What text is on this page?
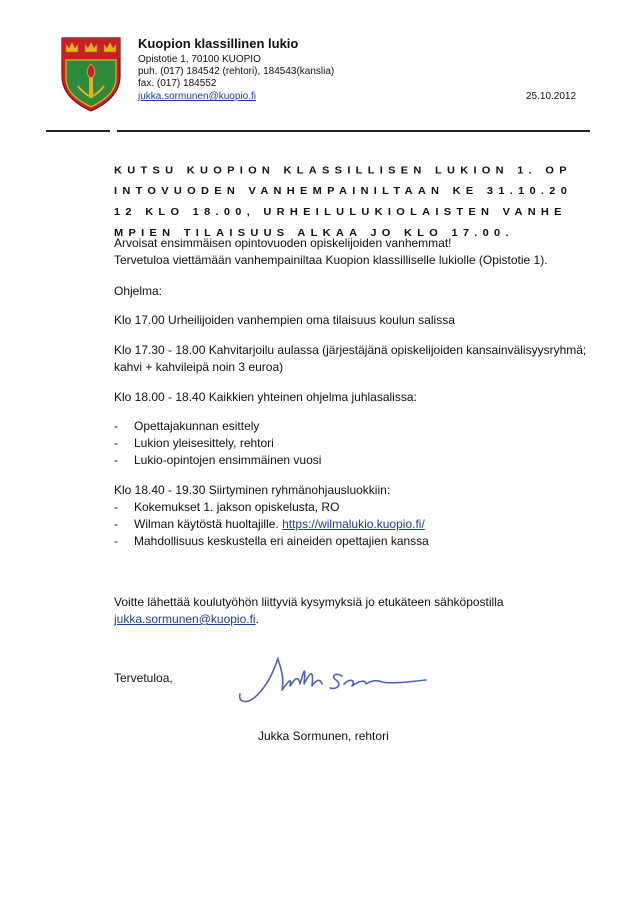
Kuopion klassillinen lukio
Opistotie 1, 70100 KUOPIO
puh. (017) 184542 (rehtori), 184543(kanslia)
fax. (017) 184552
jukka.sormunen@kuopio.fi	25.10.2012
KUTSU KUOPION KLASSILLISEN LUKION 1. OPINTOVUODEN VANHEMPAINILTAAN KE 31.10.2012 KLO 18.00, URHEILULUKIOLAISTEN VANHEMPIEN TILAISUUS ALKAA JO KLO 17.00.
Arvoisat ensimmäisen opintovuoden opiskelijoiden vanhemmat!
Tervetuloa viettämään vanhempainiltaa Kuopion klassilliselle lukiolle (Opistotie 1).
Ohjelma:
Klo 17.00 Urheilijoiden vanhempien oma tilaisuus koulun salissa
Klo 17.30 - 18.00 Kahvitarjoilu aulassa (järjestäjänä opiskelijoiden kansainvälisyysryhmä;
kahvi + kahvileipä noin 3 euroa)
Klo 18.00 - 18.40 Kaikkien yhteinen ohjelma juhlasalissa:
- Opettajakunnan esittely
- Lukion yleisesittely, rehtori
- Lukio-opintojen ensimmäinen vuosi
Klo 18.40 - 19.30 Siirtyminen ryhmänohjausluokkiin:
- Kokemukset 1. jakson opiskelusta, RO
- Wilman käytöstä huoltajille. https://wilmalukio.kuopio.fi/
- Mahdollisuus keskustella eri aineiden opettajien kanssa
Voitte lähettää koulutyöhön liittyviä kysymyksiä jo etukäteen sähköpostilla
jukka.sormunen@kuopio.fi.
Tervetuloa,
Jukka Sormunen, rehtori
